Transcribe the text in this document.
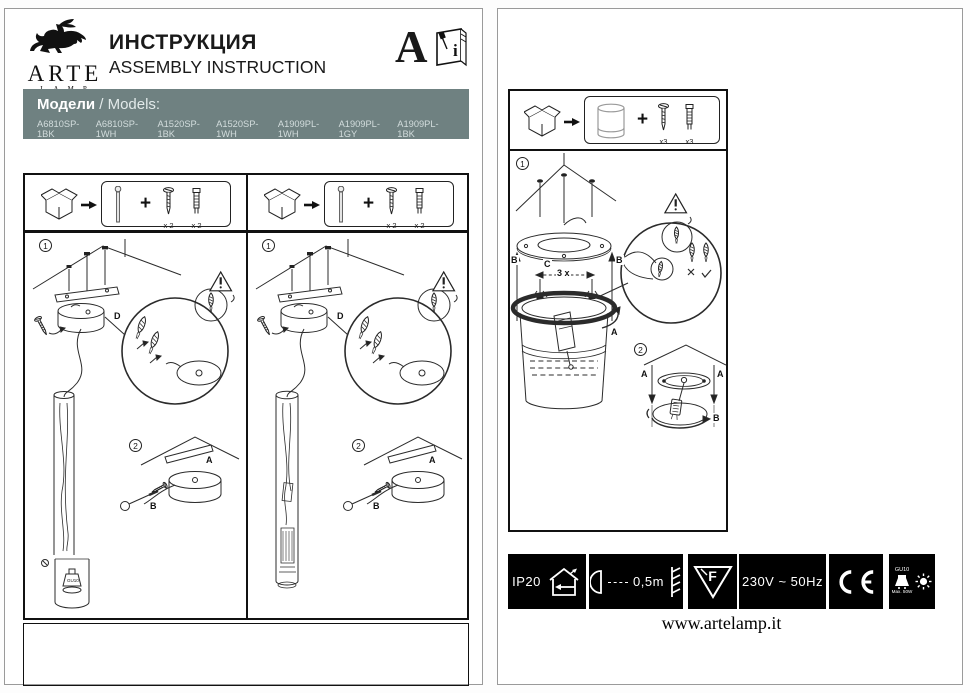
ARTE
ИНСТРУКЦИЯ
ASSEMBLY INSTRUCTION A i
Модели / Models:
A6810SP-1BK
A6810SP-1WH
A1520SP-1BK
A1520SP-1WH
A1909PL-1WH
A1909PL-1GY
A1909PL-1BK
+
x 2 x 2
1
D
2
A
B
GU10
+
x 2 x 2
1
D
2
A
B
+
x3	x3
1
B	B
C
3 x
A
2
A	A
B
IP20	0,5m	F 230V ~ 50Hz
GU10
Max. 50W
www.artelamp.it
